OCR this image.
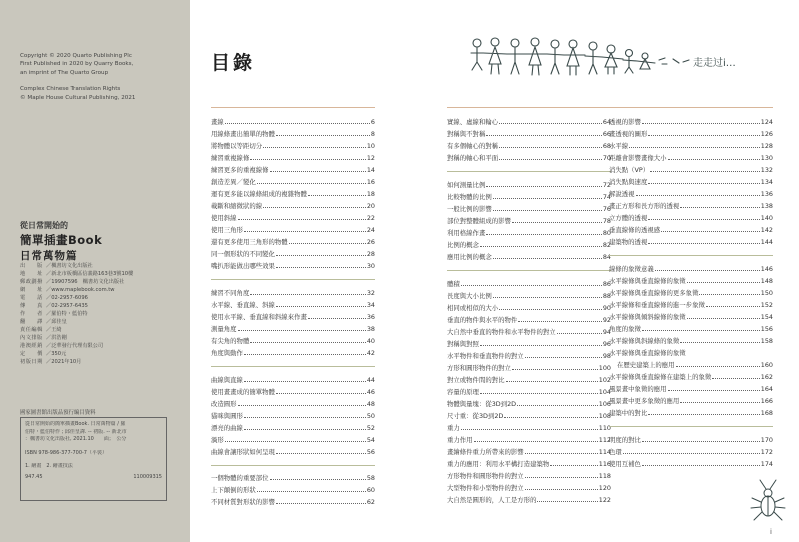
Copyright © 2020 Quarto Publishing Plc
First Published in 2020 by Quarry Books,
an imprint of The Quarto Group
Complex Chinese Translation Rights
© Maple House Cultural Publishing, 2021
從日常開始的
簡單插畫Book
日常萬物篇
出　　版 ／楓書坊文化出版社
地　　址 ／新北市板橋區信義路163巷3號10樓
郵政劃撥 ／19907596　楓書坊文化出版社
網　　址 ／www.maplebook.com.tw
電　　話 ／02-2957-6096
傳　　真 ／02-2957-6435
作　　者 ／羅伯特・藍伯特
翻　　譯 ／邱佳皇
責任編輯 ／王綺
內文排版 ／洪浩剛
港澳經銷 ／泛華發行代理有限公司
定　　價 ／350元
初版日期 ／2021年10月
國家圖書館出版品預行編目資料
從日常開始的簡單插畫Book. 日常萬物篇 / 羅
伯特・藍伯特作 ; 邱佳皇譯. -- 初版. -- 新北市
：楓書坊文化出版社, 2021.10　　面；　公分
ISBN 978-986-377-700-7（平裝）
1. 繪畫　2. 繪畫技法
947.45	110009315
目錄	走走过i…
畫線	6
用線條畫出簡單的物體	8
將物體以等距切分	10
練習重複線條	12
練習更多的重複線條	14
創造差異／變化	16
運有更多能以線條組成的複雜物體	18
載斷和縮微狀的線	20
使用斜線	22
使用三角形	24
還有更多使用三角形的物體	26
同一個形狀的不同變化	28
嘴扒形能做出哪些效果	30
練習不同角度	32
水平線、垂直線、斜線	34
使用水平線、垂直線和斜線來作畫	36
測量角度	38
有尖角的物體	40
角度與動作	42
曲線與直線	44
使用畫畫成的簡單物體	46
改造圓形	48
貓咪與圓形	50
漂亮的曲線	52
渦形	54
曲線會讓形狀如何呈現	56
一個物體的重要部位	58
上下顛倒的形狀	60
不同材質對形狀的影響	62
實線、虛線和輪心	64
對稱與不對稱	66
有多個軸心的對稱	68
對稱的軸心和平面	70
如何測量比例	72
比較物體的比例	74
一般比例的影響	76
部位對整體組成的影響	78
利用格線作畫	80
比例的概念	82
應用比例的概念	84
體積	86
長度與大小比例	88
相同或相似的大小	90
垂直的物件與水平的物件	92
大自然中垂直的物件和水平物件的對立	94
對稱與對照	96
水平物件和垂直物件的對立	98
方形和圓形物件的對立	100
對立或物件間的對比	102
容量的原理	104
物體與量塊：從3D到2D	106
尺寸重：從3D到2D	108
重力	110
重力作用	112
畫繪條件重力所帶來的影響	114
重力的應用：利用水平構打造建築物	116
方形物件和圓形物件的對立	118
大型物件和小型物件的對立	120
大自然是圓形的，人工是方形的	122
透視的影響	124
畫透視的圖形	126
水平線	128
距離會影響畫像大小	130
消失點（VP）	132
消失點與速度	134
解說透視	136
畫正方形和長方形的透視	138
立方體的透視	140
垂直線條的透視感	142
建築物的透視	144
線條的象徵意義	146
水平線條與垂直線條的象徵	148
水平線條與垂直線條的更多象徵	150
水平線條和垂直線條的進一步象徵	152
水平線條與傾斜線條的象徵	154
角度的象徵	156
水平線條與斜線條的象徵	158
水平線條與垂直線條的象徵
在歷史建築上的應用	160
水平線條與垂直線條在建築上的象徵	162
風景畫中象徵的應用	164
風景畫中更多象徵的應用	166
建築中的對比	168
明度的對比	170
色環	172
使用互補色	174
i
